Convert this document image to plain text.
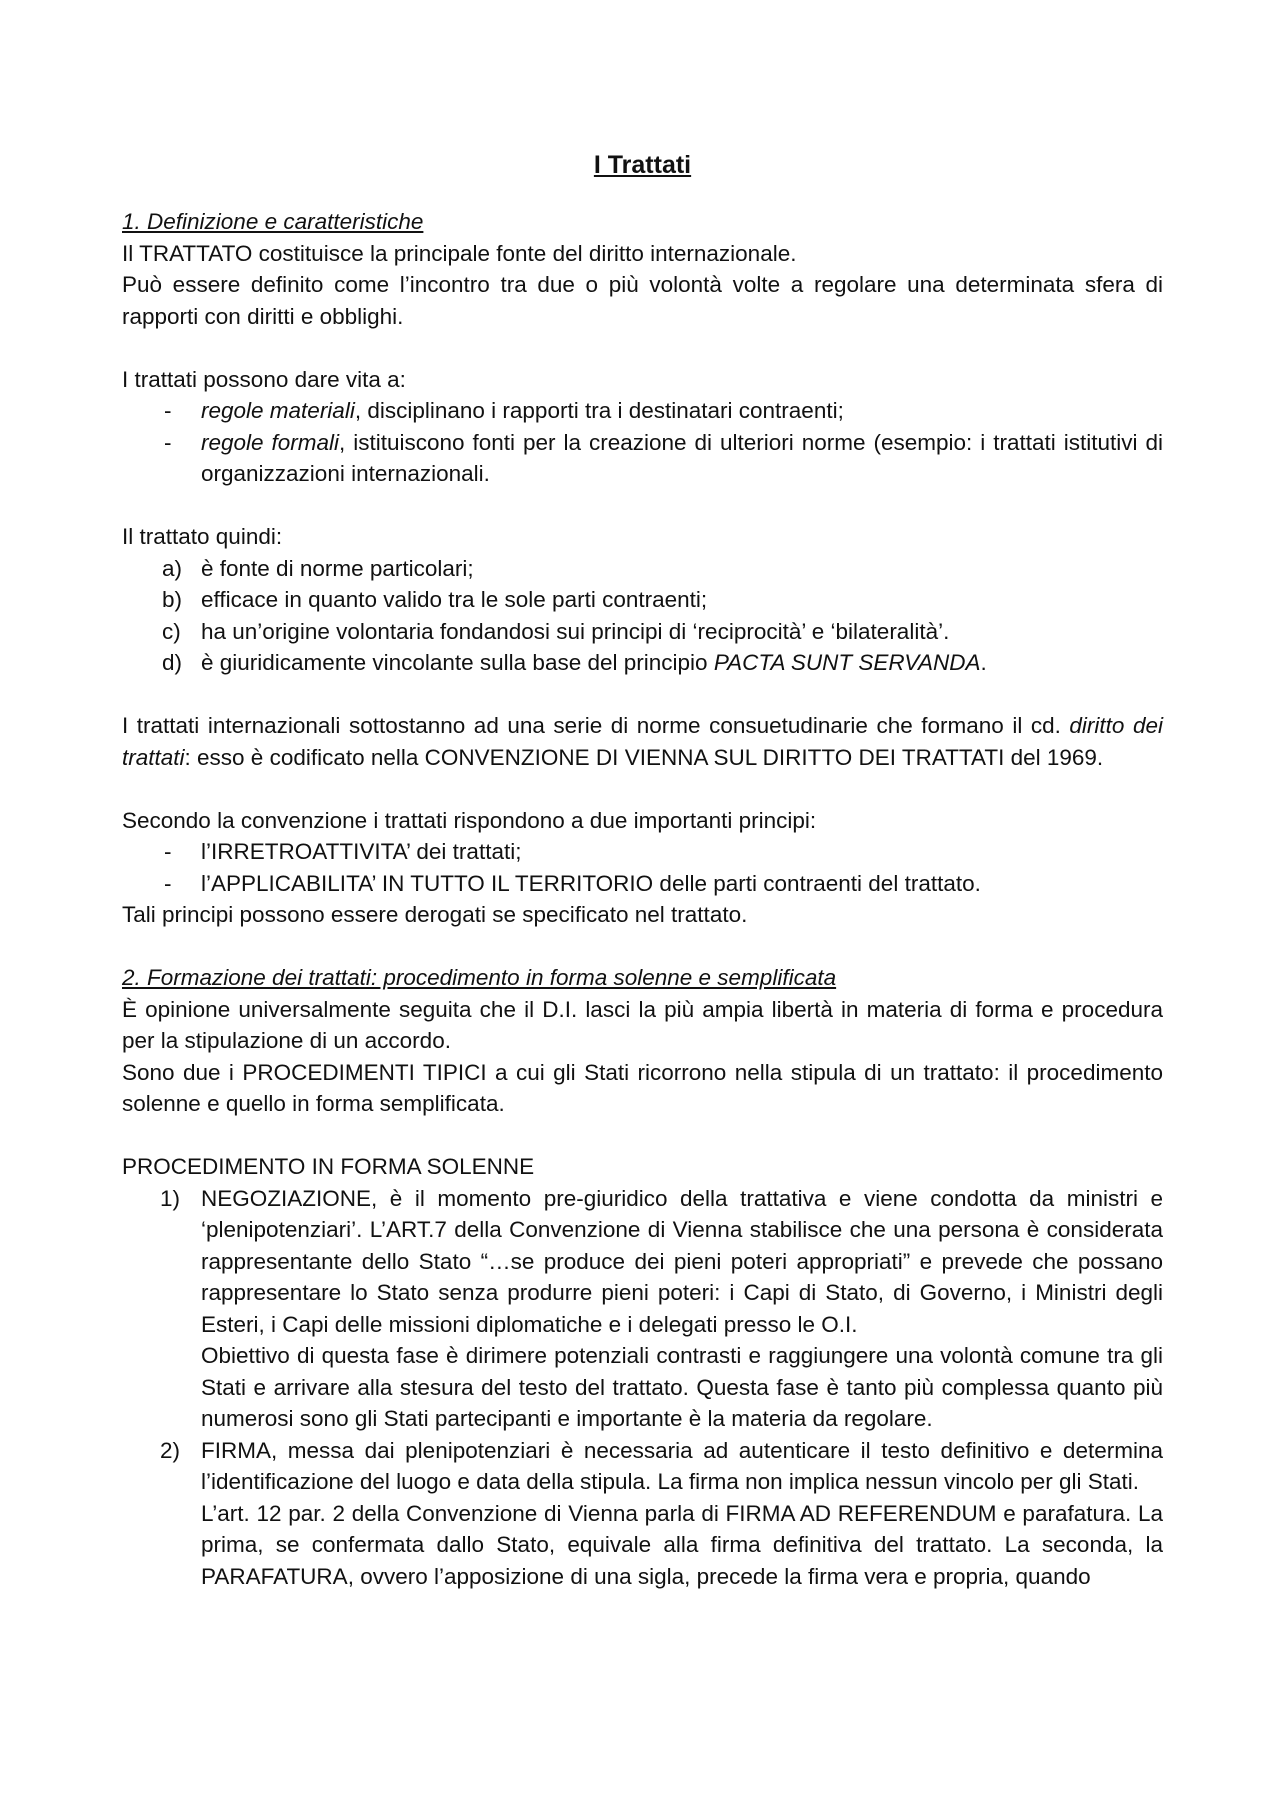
I Trattati

1. Definizione e caratteristiche

Il TRATTATO costituisce la principale fonte del diritto internazionale.

Può essere definito come l’incontro tra due o più volontà volte a regolare una determinata sfera di rapporti con diritti e obblighi.

I trattati possono dare vita a:

- regole materiali, disciplinano i rapporti tra i destinatari contraenti;
- regole formali, istituiscono fonti per la creazione di ulteriori norme (esempio: i trattati istitutivi di organizzazioni internazionali.

Il trattato quindi:

a) è fonte di norme particolari;
b) efficace in quanto valido tra le sole parti contraenti;
c) ha un’origine volontaria fondandosi sui principi di ‘reciprocità’ e ‘bilateralità’.
d) è giuridicamente vincolante sulla base del principio PACTA SUNT SERVANDA.

I trattati internazionali sottostanno ad una serie di norme consuetudinarie che formano il cd. diritto dei trattati: esso è codificato nella CONVENZIONE DI VIENNA SUL DIRITTO DEI TRATTATI del 1969.

Secondo la convenzione i trattati rispondono a due importanti principi:

- l’IRRETROATTIVITA’ dei trattati;
- l’APPLICABILITA’ IN TUTTO IL TERRITORIO delle parti contraenti del trattato.

Tali principi possono essere derogati se specificato nel trattato.

2. Formazione dei trattati: procedimento in forma solenne e semplificata

È opinione universalmente seguita che il D.I. lasci la più ampia libertà in materia di forma e procedura per la stipulazione di un accordo.

Sono due i PROCEDIMENTI TIPICI a cui gli Stati ricorrono nella stipula di un trattato: il procedimento solenne e quello in forma semplificata.

PROCEDIMENTO IN FORMA SOLENNE

1) NEGOZIAZIONE, è il momento pre-giuridico della trattativa e viene condotta da ministri e ‘plenipotenziari’. L’ART.7 della Convenzione di Vienna stabilisce che una persona è considerata rappresentante dello Stato “…se produce dei pieni poteri appropriati” e prevede che possano rappresentare lo Stato senza produrre pieni poteri: i Capi di Stato, di Governo, i Ministri degli Esteri, i Capi delle missioni diplomatiche e i delegati presso le O.I.
Obiettivo di questa fase è dirimere potenziali contrasti e raggiungere una volontà comune tra gli Stati e arrivare alla stesura del testo del trattato. Questa fase è tanto più complessa quanto più numerosi sono gli Stati partecipanti e importante è la materia da regolare.
2) FIRMA, messa dai plenipotenziari è necessaria ad autenticare il testo definitivo e determina l’identificazione del luogo e data della stipula. La firma non implica nessun vincolo per gli Stati.
L’art. 12 par. 2 della Convenzione di Vienna parla di FIRMA AD REFERENDUM e parafatura. La prima, se confermata dallo Stato, equivale alla firma definitiva del trattato. La seconda, la PARAFATURA, ovvero l’apposizione di una sigla, precede la firma vera e propria, quando
